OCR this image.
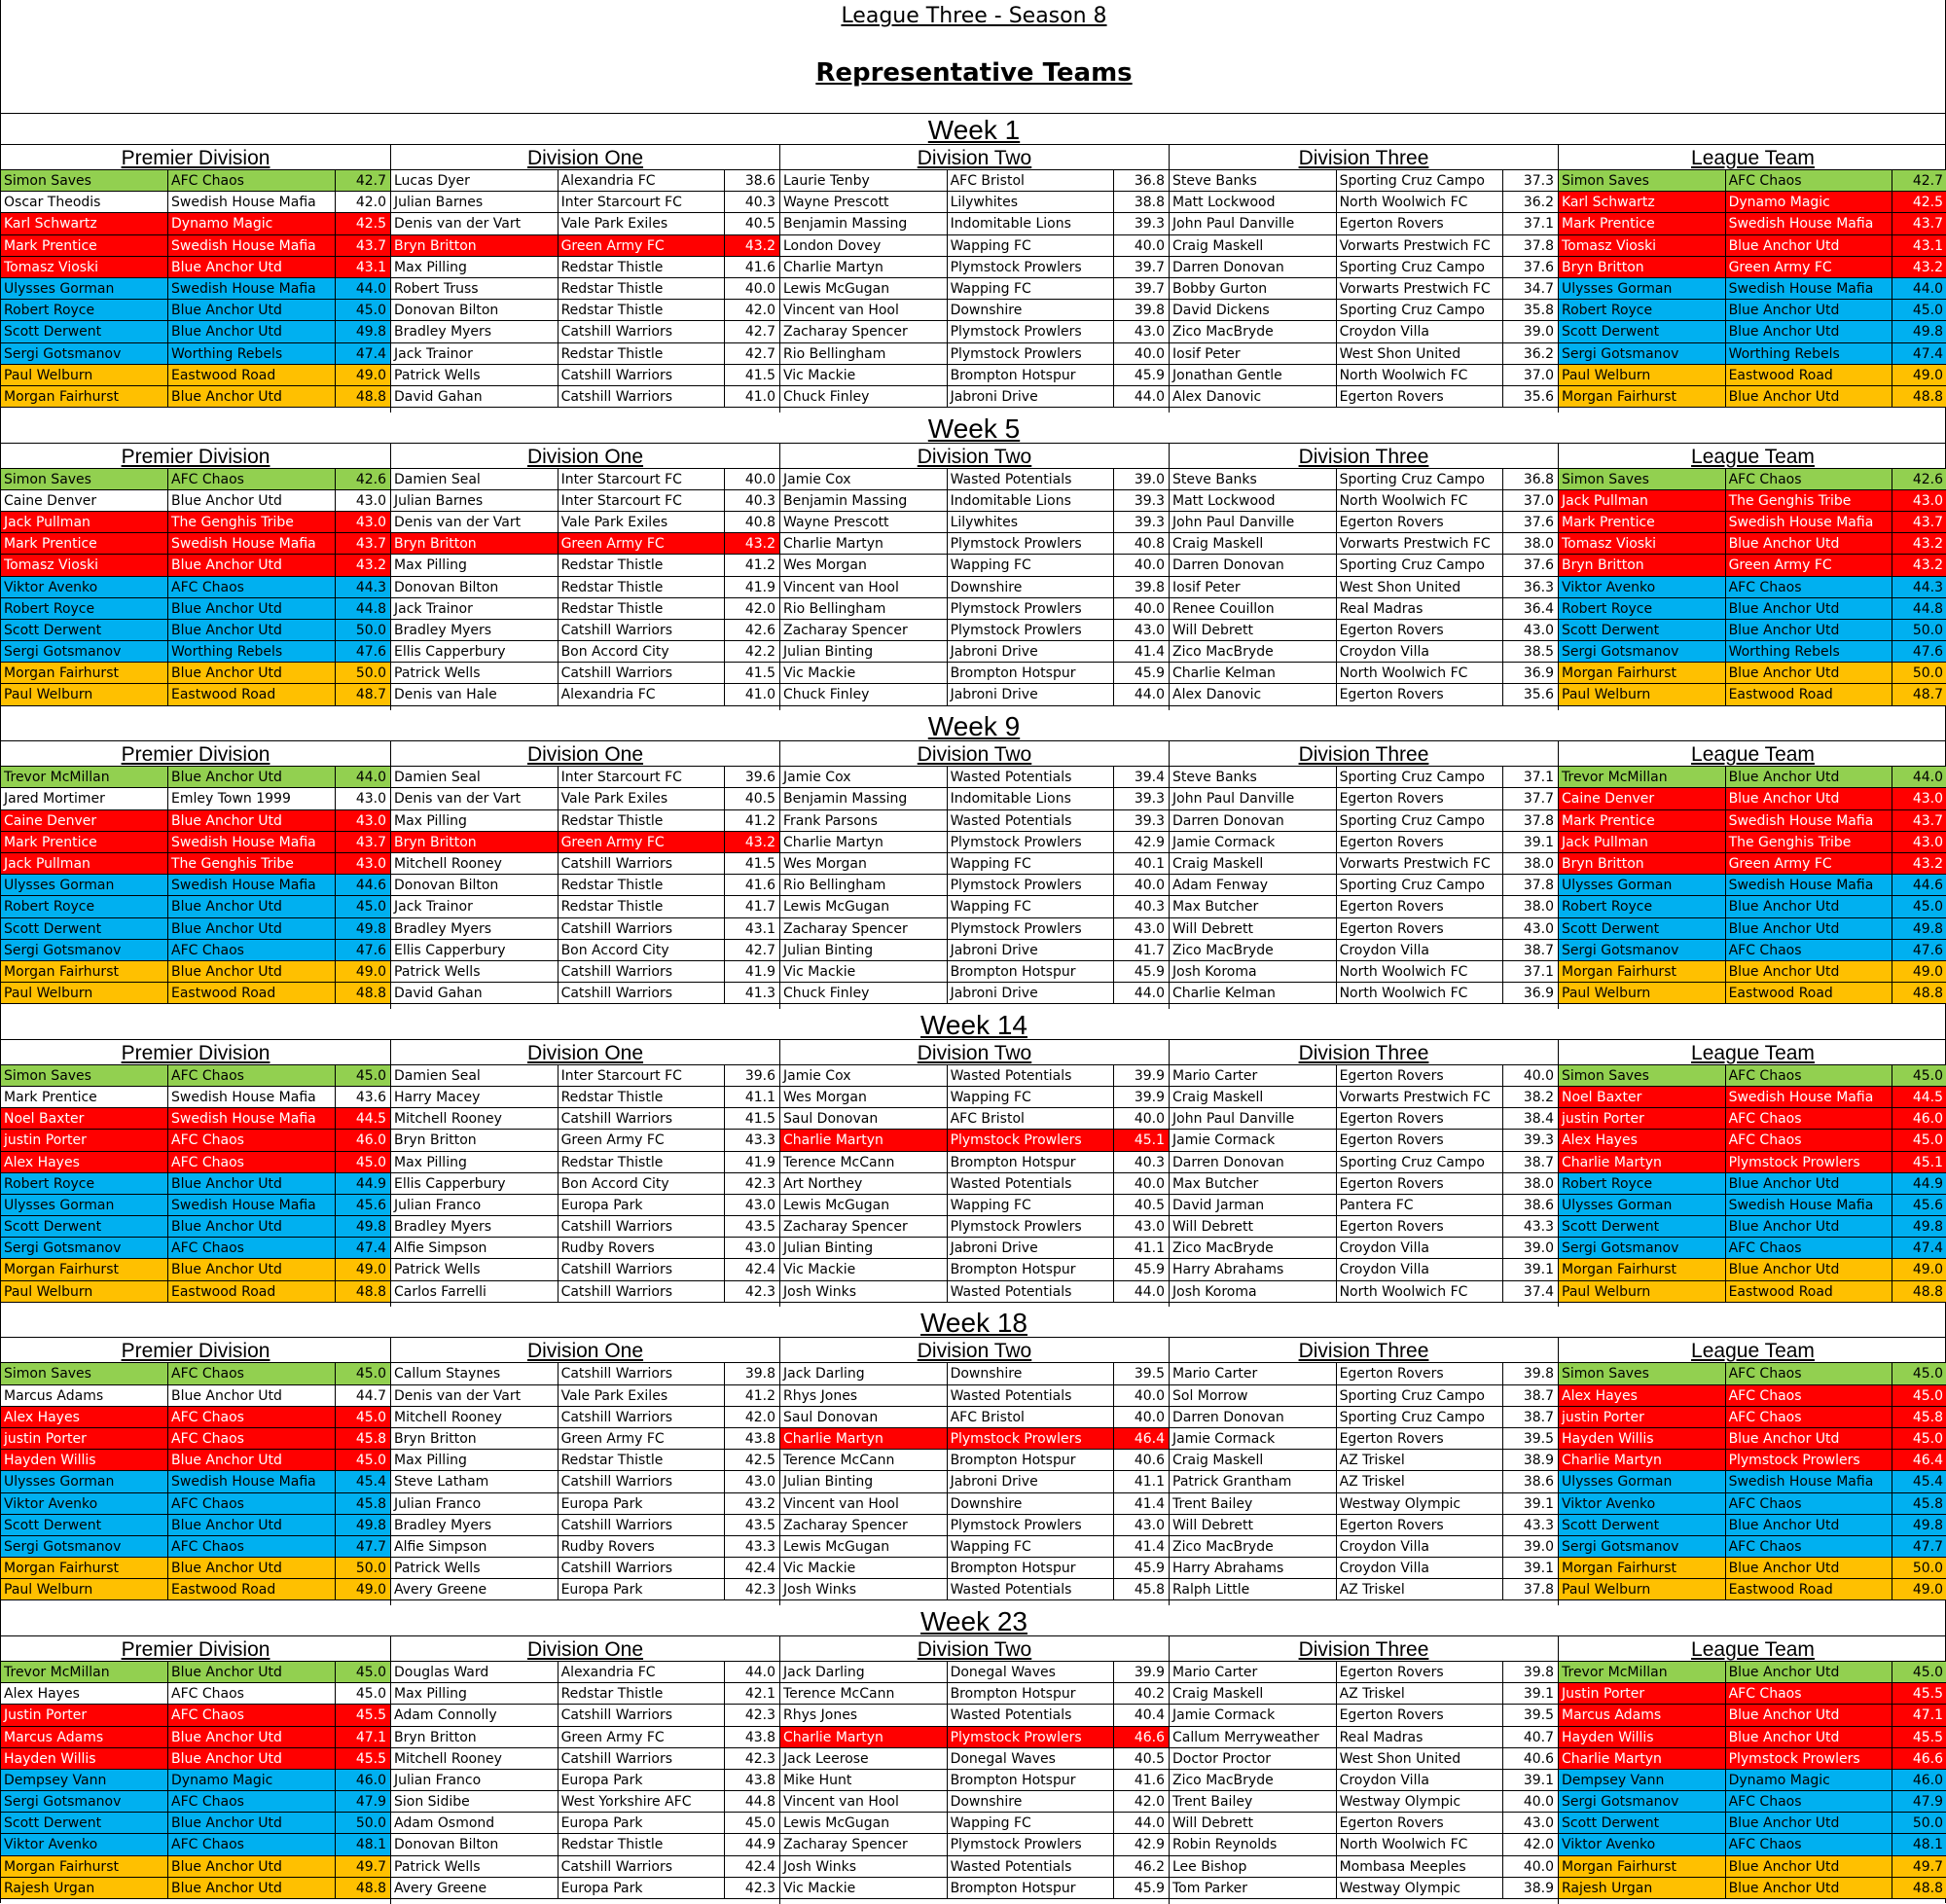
League Three - Season 8
Representative Teams
Week 1
Premier Division
Simon Saves	AFC Chaos	42.7
Oscar Theodis	Swedish House Mafia	42.0
Karl Schwartz	Dynamo Magic	42.5
Mark Prentice	Swedish House Mafia	43.7
Tomasz Vioski	Blue Anchor Utd	43.1
Ulysses Gorman	Swedish House Mafia	44.0
Robert Royce	Blue Anchor Utd	45.0
Scott Derwent	Blue Anchor Utd	49.8
Sergi Gotsmanov	Worthing Rebels	47.4
Paul Welburn	Eastwood Road	49.0
Morgan Fairhurst	Blue Anchor Utd	48.8
Division One
Lucas Dyer	Alexandria FC	38.6
Julian Barnes	Inter Starcourt FC	40.3
Denis van der Vart	Vale Park Exiles	40.5
Bryn Britton	Green Army FC	43.2
Max Pilling	Redstar Thistle	41.6
Robert Truss	Redstar Thistle	40.0
Donovan Bilton	Redstar Thistle	42.0
Bradley Myers	Catshill Warriors	42.7
Jack Trainor	Redstar Thistle	42.7
Patrick Wells	Catshill Warriors	41.5
David Gahan	Catshill Warriors	41.0
Division Two
Laurie Tenby	AFC Bristol	36.8
Wayne Prescott	Lilywhites	38.8
Benjamin Massing	Indomitable Lions	39.3
London Dovey	Wapping FC	40.0
Charlie Martyn	Plymstock Prowlers	39.7
Lewis McGugan	Wapping FC	39.7
Vincent van Hool	Downshire	39.8
Zacharay Spencer	Plymstock Prowlers	43.0
Rio Bellingham	Plymstock Prowlers	40.0
Vic Mackie	Brompton Hotspur	45.9
Chuck Finley	Jabroni Drive	44.0
Division Three
Steve Banks	Sporting Cruz Campo	37.3
Matt Lockwood	North Woolwich FC	36.2
John Paul Danville	Egerton Rovers	37.1
Craig Maskell	Vorwarts Prestwich FC	37.8
Darren Donovan	Sporting Cruz Campo	37.6
Bobby Gurton	Vorwarts Prestwich FC	34.7
David Dickens	Sporting Cruz Campo	35.8
Zico MacBryde	Croydon Villa	39.0
Iosif Peter	West Shon United	36.2
Jonathan Gentle	North Woolwich FC	37.0
Alex Danovic	Egerton Rovers	35.6
League Team
Simon Saves	AFC Chaos	42.7
Karl Schwartz	Dynamo Magic	42.5
Mark Prentice	Swedish House Mafia	43.7
Tomasz Vioski	Blue Anchor Utd	43.1
Bryn Britton	Green Army FC	43.2
Ulysses Gorman	Swedish House Mafia	44.0
Robert Royce	Blue Anchor Utd	45.0
Scott Derwent	Blue Anchor Utd	49.8
Sergi Gotsmanov	Worthing Rebels	47.4
Paul Welburn	Eastwood Road	49.0
Morgan Fairhurst	Blue Anchor Utd	48.8
Week 5
Premier Division
Simon Saves	AFC Chaos	42.6
Caine Denver	Blue Anchor Utd	43.0
Jack Pullman	The Genghis Tribe	43.0
Mark Prentice	Swedish House Mafia	43.7
Tomasz Vioski	Blue Anchor Utd	43.2
Viktor Avenko	AFC Chaos	44.3
Robert Royce	Blue Anchor Utd	44.8
Scott Derwent	Blue Anchor Utd	50.0
Sergi Gotsmanov	Worthing Rebels	47.6
Morgan Fairhurst	Blue Anchor Utd	50.0
Paul Welburn	Eastwood Road	48.7
Division One
Damien Seal	Inter Starcourt FC	40.0
Julian Barnes	Inter Starcourt FC	40.3
Denis van der Vart	Vale Park Exiles	40.8
Bryn Britton	Green Army FC	43.2
Max Pilling	Redstar Thistle	41.2
Donovan Bilton	Redstar Thistle	41.9
Jack Trainor	Redstar Thistle	42.0
Bradley Myers	Catshill Warriors	42.6
Ellis Capperbury	Bon Accord City	42.2
Patrick Wells	Catshill Warriors	41.5
Denis van Hale	Alexandria FC	41.0
Division Two
Jamie Cox	Wasted Potentials	39.0
Benjamin Massing	Indomitable Lions	39.3
Wayne Prescott	Lilywhites	39.3
Charlie Martyn	Plymstock Prowlers	40.8
Wes Morgan	Wapping FC	40.0
Vincent van Hool	Downshire	39.8
Rio Bellingham	Plymstock Prowlers	40.0
Zacharay Spencer	Plymstock Prowlers	43.0
Julian Binting	Jabroni Drive	41.4
Vic Mackie	Brompton Hotspur	45.9
Chuck Finley	Jabroni Drive	44.0
Division Three
Steve Banks	Sporting Cruz Campo	36.8
Matt Lockwood	North Woolwich FC	37.0
John Paul Danville	Egerton Rovers	37.6
Craig Maskell	Vorwarts Prestwich FC	38.0
Darren Donovan	Sporting Cruz Campo	37.6
Iosif Peter	West Shon United	36.3
Renee Couillon	Real Madras	36.4
Will Debrett	Egerton Rovers	43.0
Zico MacBryde	Croydon Villa	38.5
Charlie Kelman	North Woolwich FC	36.9
Alex Danovic	Egerton Rovers	35.6
League Team
Simon Saves	AFC Chaos	42.6
Jack Pullman	The Genghis Tribe	43.0
Mark Prentice	Swedish House Mafia	43.7
Tomasz Vioski	Blue Anchor Utd	43.2
Bryn Britton	Green Army FC	43.2
Viktor Avenko	AFC Chaos	44.3
Robert Royce	Blue Anchor Utd	44.8
Scott Derwent	Blue Anchor Utd	50.0
Sergi Gotsmanov	Worthing Rebels	47.6
Morgan Fairhurst	Blue Anchor Utd	50.0
Paul Welburn	Eastwood Road	48.7
Week 9
Premier Division
Trevor McMillan	Blue Anchor Utd	44.0
Jared Mortimer	Emley Town 1999	43.0
Caine Denver	Blue Anchor Utd	43.0
Mark Prentice	Swedish House Mafia	43.7
Jack Pullman	The Genghis Tribe	43.0
Ulysses Gorman	Swedish House Mafia	44.6
Robert Royce	Blue Anchor Utd	45.0
Scott Derwent	Blue Anchor Utd	49.8
Sergi Gotsmanov	AFC Chaos	47.6
Morgan Fairhurst	Blue Anchor Utd	49.0
Paul Welburn	Eastwood Road	48.8
Division One
Damien Seal	Inter Starcourt FC	39.6
Denis van der Vart	Vale Park Exiles	40.5
Max Pilling	Redstar Thistle	41.2
Bryn Britton	Green Army FC	43.2
Mitchell Rooney	Catshill Warriors	41.5
Donovan Bilton	Redstar Thistle	41.6
Jack Trainor	Redstar Thistle	41.7
Bradley Myers	Catshill Warriors	43.1
Ellis Capperbury	Bon Accord City	42.7
Patrick Wells	Catshill Warriors	41.9
David Gahan	Catshill Warriors	41.3
Division Two
Jamie Cox	Wasted Potentials	39.4
Benjamin Massing	Indomitable Lions	39.3
Frank Parsons	Wasted Potentials	39.3
Charlie Martyn	Plymstock Prowlers	42.9
Wes Morgan	Wapping FC	40.1
Rio Bellingham	Plymstock Prowlers	40.0
Lewis McGugan	Wapping FC	40.3
Zacharay Spencer	Plymstock Prowlers	43.0
Julian Binting	Jabroni Drive	41.7
Vic Mackie	Brompton Hotspur	45.9
Chuck Finley	Jabroni Drive	44.0
Division Three
Steve Banks	Sporting Cruz Campo	37.1
John Paul Danville	Egerton Rovers	37.7
Darren Donovan	Sporting Cruz Campo	37.8
Jamie Cormack	Egerton Rovers	39.1
Craig Maskell	Vorwarts Prestwich FC	38.0
Adam Fenway	Sporting Cruz Campo	37.8
Max Butcher	Egerton Rovers	38.0
Will Debrett	Egerton Rovers	43.0
Zico MacBryde	Croydon Villa	38.7
Josh Koroma	North Woolwich FC	37.1
Charlie Kelman	North Woolwich FC	36.9
League Team
Trevor McMillan	Blue Anchor Utd	44.0
Caine Denver	Blue Anchor Utd	43.0
Mark Prentice	Swedish House Mafia	43.7
Jack Pullman	The Genghis Tribe	43.0
Bryn Britton	Green Army FC	43.2
Ulysses Gorman	Swedish House Mafia	44.6
Robert Royce	Blue Anchor Utd	45.0
Scott Derwent	Blue Anchor Utd	49.8
Sergi Gotsmanov	AFC Chaos	47.6
Morgan Fairhurst	Blue Anchor Utd	49.0
Paul Welburn	Eastwood Road	48.8
Week 14
Premier Division
Simon Saves	AFC Chaos	45.0
Mark Prentice	Swedish House Mafia	43.6
Noel Baxter	Swedish House Mafia	44.5
justin Porter	AFC Chaos	46.0
Alex Hayes	AFC Chaos	45.0
Robert Royce	Blue Anchor Utd	44.9
Ulysses Gorman	Swedish House Mafia	45.6
Scott Derwent	Blue Anchor Utd	49.8
Sergi Gotsmanov	AFC Chaos	47.4
Morgan Fairhurst	Blue Anchor Utd	49.0
Paul Welburn	Eastwood Road	48.8
Division One
Damien Seal	Inter Starcourt FC	39.6
Harry Macey	Redstar Thistle	41.1
Mitchell Rooney	Catshill Warriors	41.5
Bryn Britton	Green Army FC	43.3
Max Pilling	Redstar Thistle	41.9
Ellis Capperbury	Bon Accord City	42.3
Julian Franco	Europa Park	43.0
Bradley Myers	Catshill Warriors	43.5
Alfie Simpson	Rudby Rovers	43.0
Patrick Wells	Catshill Warriors	42.4
Carlos Farrelli	Catshill Warriors	42.3
Division Two
Jamie Cox	Wasted Potentials	39.9
Wes Morgan	Wapping FC	39.9
Saul Donovan	AFC Bristol	40.0
Charlie Martyn	Plymstock Prowlers	45.1
Terence McCann	Brompton Hotspur	40.3
Art Northey	Wasted Potentials	40.0
Lewis McGugan	Wapping FC	40.5
Zacharay Spencer	Plymstock Prowlers	43.0
Julian Binting	Jabroni Drive	41.1
Vic Mackie	Brompton Hotspur	45.9
Josh Winks	Wasted Potentials	44.0
Division Three
Mario Carter	Egerton Rovers	40.0
Craig Maskell	Vorwarts Prestwich FC	38.2
John Paul Danville	Egerton Rovers	38.4
Jamie Cormack	Egerton Rovers	39.3
Darren Donovan	Sporting Cruz Campo	38.7
Max Butcher	Egerton Rovers	38.0
David Jarman	Pantera FC	38.6
Will Debrett	Egerton Rovers	43.3
Zico MacBryde	Croydon Villa	39.0
Harry Abrahams	Croydon Villa	39.1
Josh Koroma	North Woolwich FC	37.4
League Team
Simon Saves	AFC Chaos	45.0
Noel Baxter	Swedish House Mafia	44.5
justin Porter	AFC Chaos	46.0
Alex Hayes	AFC Chaos	45.0
Charlie Martyn	Plymstock Prowlers	45.1
Robert Royce	Blue Anchor Utd	44.9
Ulysses Gorman	Swedish House Mafia	45.6
Scott Derwent	Blue Anchor Utd	49.8
Sergi Gotsmanov	AFC Chaos	47.4
Morgan Fairhurst	Blue Anchor Utd	49.0
Paul Welburn	Eastwood Road	48.8
Week 18
Premier Division
Simon Saves	AFC Chaos	45.0
Marcus Adams	Blue Anchor Utd	44.7
Alex Hayes	AFC Chaos	45.0
justin Porter	AFC Chaos	45.8
Hayden Willis	Blue Anchor Utd	45.0
Ulysses Gorman	Swedish House Mafia	45.4
Viktor Avenko	AFC Chaos	45.8
Scott Derwent	Blue Anchor Utd	49.8
Sergi Gotsmanov	AFC Chaos	47.7
Morgan Fairhurst	Blue Anchor Utd	50.0
Paul Welburn	Eastwood Road	49.0
Division One
Callum Staynes	Catshill Warriors	39.8
Denis van der Vart	Vale Park Exiles	41.2
Mitchell Rooney	Catshill Warriors	42.0
Bryn Britton	Green Army FC	43.8
Max Pilling	Redstar Thistle	42.5
Steve Latham	Catshill Warriors	43.0
Julian Franco	Europa Park	43.2
Bradley Myers	Catshill Warriors	43.5
Alfie Simpson	Rudby Rovers	43.3
Patrick Wells	Catshill Warriors	42.4
Avery Greene	Europa Park	42.3
Division Two
Jack Darling	Downshire	39.5
Rhys Jones	Wasted Potentials	40.0
Saul Donovan	AFC Bristol	40.0
Charlie Martyn	Plymstock Prowlers	46.4
Terence McCann	Brompton Hotspur	40.6
Julian Binting	Jabroni Drive	41.1
Vincent van Hool	Downshire	41.4
Zacharay Spencer	Plymstock Prowlers	43.0
Lewis McGugan	Wapping FC	41.4
Vic Mackie	Brompton Hotspur	45.9
Josh Winks	Wasted Potentials	45.8
Division Three
Mario Carter	Egerton Rovers	39.8
Sol Morrow	Sporting Cruz Campo	38.7
Darren Donovan	Sporting Cruz Campo	38.7
Jamie Cormack	Egerton Rovers	39.5
Craig Maskell	AZ Triskel	38.9
Patrick Grantham	AZ Triskel	38.6
Trent Bailey	Westway Olympic	39.1
Will Debrett	Egerton Rovers	43.3
Zico MacBryde	Croydon Villa	39.0
Harry Abrahams	Croydon Villa	39.1
Ralph Little	AZ Triskel	37.8
League Team
Simon Saves	AFC Chaos	45.0
Alex Hayes	AFC Chaos	45.0
justin Porter	AFC Chaos	45.8
Hayden Willis	Blue Anchor Utd	45.0
Charlie Martyn	Plymstock Prowlers	46.4
Ulysses Gorman	Swedish House Mafia	45.4
Viktor Avenko	AFC Chaos	45.8
Scott Derwent	Blue Anchor Utd	49.8
Sergi Gotsmanov	AFC Chaos	47.7
Morgan Fairhurst	Blue Anchor Utd	50.0
Paul Welburn	Eastwood Road	49.0
Week 23
Premier Division
Trevor McMillan	Blue Anchor Utd	45.0
Alex Hayes	AFC Chaos	45.0
Justin Porter	AFC Chaos	45.5
Marcus Adams	Blue Anchor Utd	47.1
Hayden Willis	Blue Anchor Utd	45.5
Dempsey Vann	Dynamo Magic	46.0
Sergi Gotsmanov	AFC Chaos	47.9
Scott Derwent	Blue Anchor Utd	50.0
Viktor Avenko	AFC Chaos	48.1
Morgan Fairhurst	Blue Anchor Utd	49.7
Rajesh Urgan	Blue Anchor Utd	48.8
Division One
Douglas Ward	Alexandria FC	44.0
Max Pilling	Redstar Thistle	42.1
Adam Connolly	Catshill Warriors	42.3
Bryn Britton	Green Army FC	43.8
Mitchell Rooney	Catshill Warriors	42.3
Julian Franco	Europa Park	43.8
Sion Sidibe	West Yorkshire AFC	44.8
Adam Osmond	Europa Park	45.0
Donovan Bilton	Redstar Thistle	44.9
Patrick Wells	Catshill Warriors	42.4
Avery Greene	Europa Park	42.3
Division Two
Jack Darling	Donegal Waves	39.9
Terence McCann	Brompton Hotspur	40.2
Rhys Jones	Wasted Potentials	40.4
Charlie Martyn	Plymstock Prowlers	46.6
Jack Leerose	Donegal Waves	40.5
Mike Hunt	Brompton Hotspur	41.6
Vincent van Hool	Downshire	42.0
Lewis McGugan	Wapping FC	44.0
Zacharay Spencer	Plymstock Prowlers	42.9
Josh Winks	Wasted Potentials	46.2
Vic Mackie	Brompton Hotspur	45.9
Division Three
Mario Carter	Egerton Rovers	39.8
Craig Maskell	AZ Triskel	39.1
Jamie Cormack	Egerton Rovers	39.5
Callum Merryweather	Real Madras	40.7
Doctor Proctor	West Shon United	40.6
Zico MacBryde	Croydon Villa	39.1
Trent Bailey	Westway Olympic	40.0
Will Debrett	Egerton Rovers	43.0
Robin Reynolds	North Woolwich FC	42.0
Lee Bishop	Mombasa Meeples	40.0
Tom Parker	Westway Olympic	38.9
League Team
Trevor McMillan	Blue Anchor Utd	45.0
Justin Porter	AFC Chaos	45.5
Marcus Adams	Blue Anchor Utd	47.1
Hayden Willis	Blue Anchor Utd	45.5
Charlie Martyn	Plymstock Prowlers	46.6
Dempsey Vann	Dynamo Magic	46.0
Sergi Gotsmanov	AFC Chaos	47.9
Scott Derwent	Blue Anchor Utd	50.0
Viktor Avenko	AFC Chaos	48.1
Morgan Fairhurst	Blue Anchor Utd	49.7
Rajesh Urgan	Blue Anchor Utd	48.8
